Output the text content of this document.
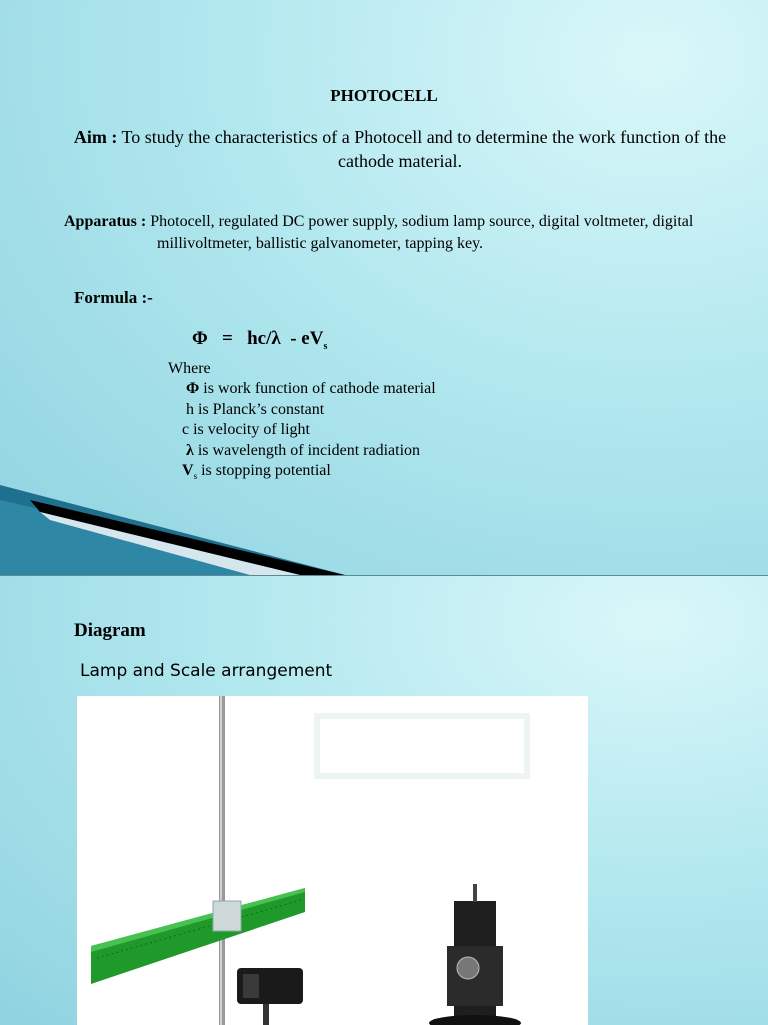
PHOTOCELL
Aim : To study the characteristics of a Photocell and to determine the work function of the cathode material.
Apparatus : Photocell, regulated DC power supply, sodium lamp source, digital voltmeter, digital
millivoltmeter, ballistic galvanometer, tapping key.
Formula :-
$\Phi = hc/\lambda - eV_s$
Where
Φ is work function of cathode material
h is Planck’s constant
c is velocity of light
λ is wavelength of incident radiation
$V_s$ is stopping potential
Diagram
Lamp and Scale arrangement
